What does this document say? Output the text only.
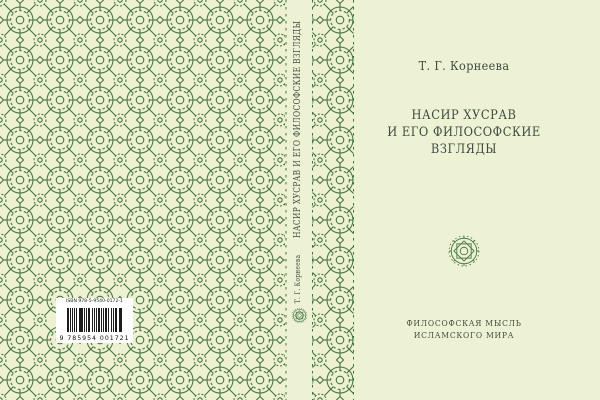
НАСИР ХУСРАВ И ЕГО ФИЛОСОФСКИЕ ВЗГЛЯДЫ
Т. Г. Корнеева
Т. Г. Корнеева
НАСИР ХУСРАВ
И ЕГО ФИЛОСОФСКИЕ
ВЗГЛЯДЫ
ФИЛОСОФСКАЯ МЫСЛЬ
ИСЛАМСКОГО МИРА
ISBN 978-5-9540-0172-1
9 785954 001721
